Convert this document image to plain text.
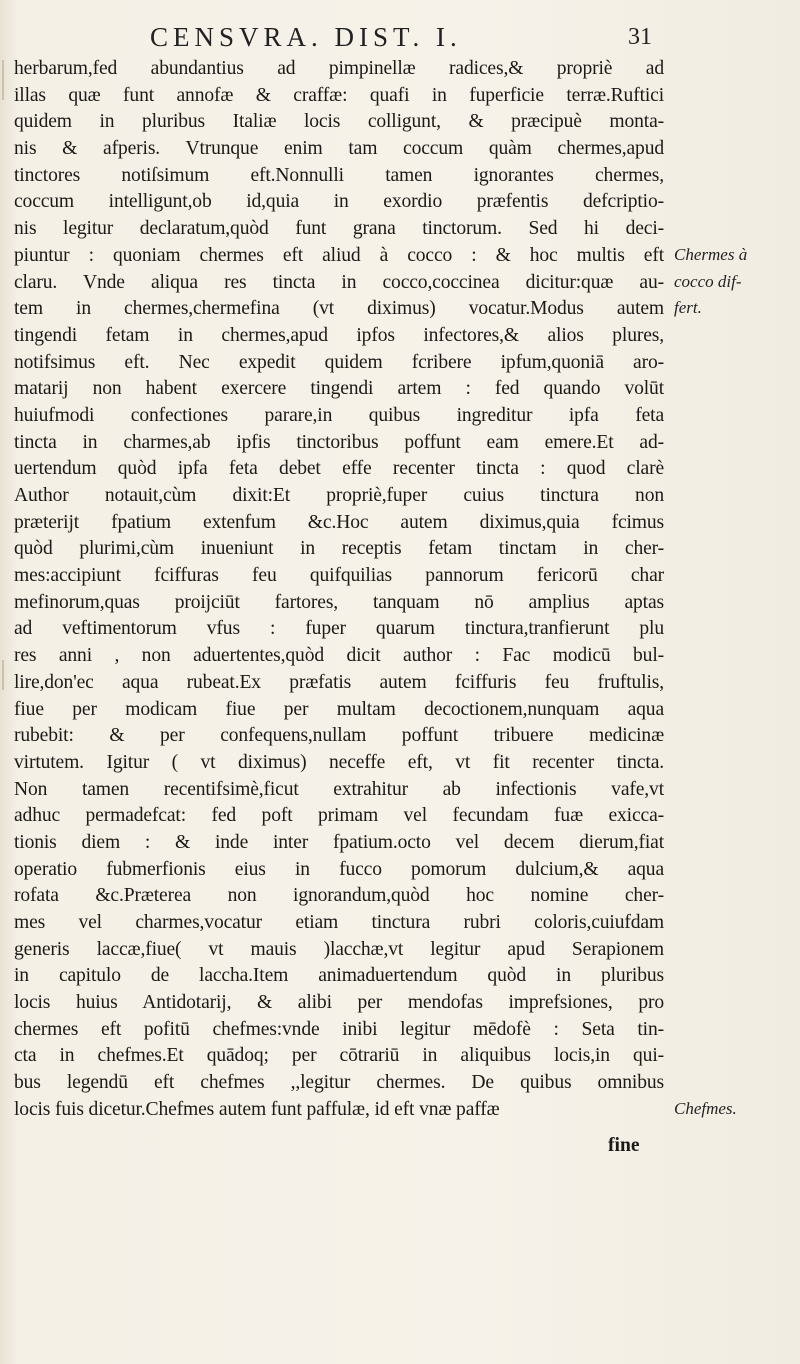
CENSVRA. DIST. I.	31
herbarum,fed abundantius ad pimpinellæ radices,& propriè ad
illas quæ funt annofæ & craffæ: quafi in fuperficie terræ.Ruftici
quidem in pluribus Italiæ locis colligunt, & præcipuè monta-
nis & afperis. Vtrunque enim tam coccum quàm chermes,apud
tinctores notiſsimum eft.Nonnulli tamen ignorantes chermes,
coccum intelligunt,ob id,quia in exordio præfentis defcriptio-
nis legitur declaratum,quòd funt grana tinctorum. Sed hi deci-
piuntur : quoniam chermes eft aliud à cocco : & hoc multis eft
claru. Vnde aliqua res tincta in cocco,coccinea dicitur:quæ au-
tem in chermes,chermefina (vt diximus) vocatur.Modus autem
tingendi fetam in chermes,apud ipfos infectores,& alios plures,
notifsimus eft. Nec expedit quidem fcribere ipfum,quoniā aro-
matarij non habent exercere tingendi artem : fed quando volūt
huiufmodi confectiones parare,in quibus ingreditur ipfa feta
tincta in charmes,ab ipfis tinctoribus poffunt eam emere.Et ad-
uertendum quòd ipfa feta debet effe recenter tincta : quod clarè
Author notauit,cùm dixit:Et propriè,fuper cuius tinctura non
præterijt fpatium extenfum &c.Hoc autem diximus,quia fcimus
quòd plurimi,cùm inueniunt in receptis fetam tinctam in cher-
mes:accipiunt fciffuras feu quifquilias pannorum fericorū char
mefinorum,quas proijciūt fartores, tanquam nō amplius aptas
ad veftimentorum vfus : fuper quarum tinctura,tranfierunt plu
res anni , non aduertentes,quòd dicit author : Fac modicū bul-
lire,don'ec aqua rubeat.Ex præfatis autem fciffuris feu fruftulis,
fiue per modicam fiue per multam decoctionem,nunquam aqua
rubebit: & per confequens,nullam poffunt tribuere medicinæ
virtutem. Igitur ( vt diximus) neceffe eft, vt fit recenter tincta.
Non tamen recentifsimè,ficut extrahitur ab infectionis vafe,vt
adhuc permadefcat: fed poft primam vel fecundam fuæ exicca-
tionis diem : & inde inter fpatium.octo vel decem dierum,fiat
operatio fubmerfionis eius in fucco pomorum dulcium,& aqua
rofata &c.Præterea non ignorandum,quòd hoc nomine cher-
mes vel charmes,vocatur etiam tinctura rubri coloris,cuiufdam
generis laccæ,fiue( vt mauis )lacchæ,vt legitur apud Serapionem
in capitulo de laccha.Item animaduertendum quòd in pluribus
locis huius Antidotarij, & alibi per mendofas imprefsiones, pro
chermes eft pofitū chefmes:vnde inibi legitur mēdofè : Seta tin-
cta in chefmes.Et quādoq; per cōtrariū in aliquibus locis,in qui-
bus legendū eft chefmes ,,legitur chermes. De quibus omnibus
locis fuis dicetur.Chefmes autem funt paffulæ, id eft vnæ paffæ
Chermes à
cocco dif-
fert.
Chefmes.
fine
